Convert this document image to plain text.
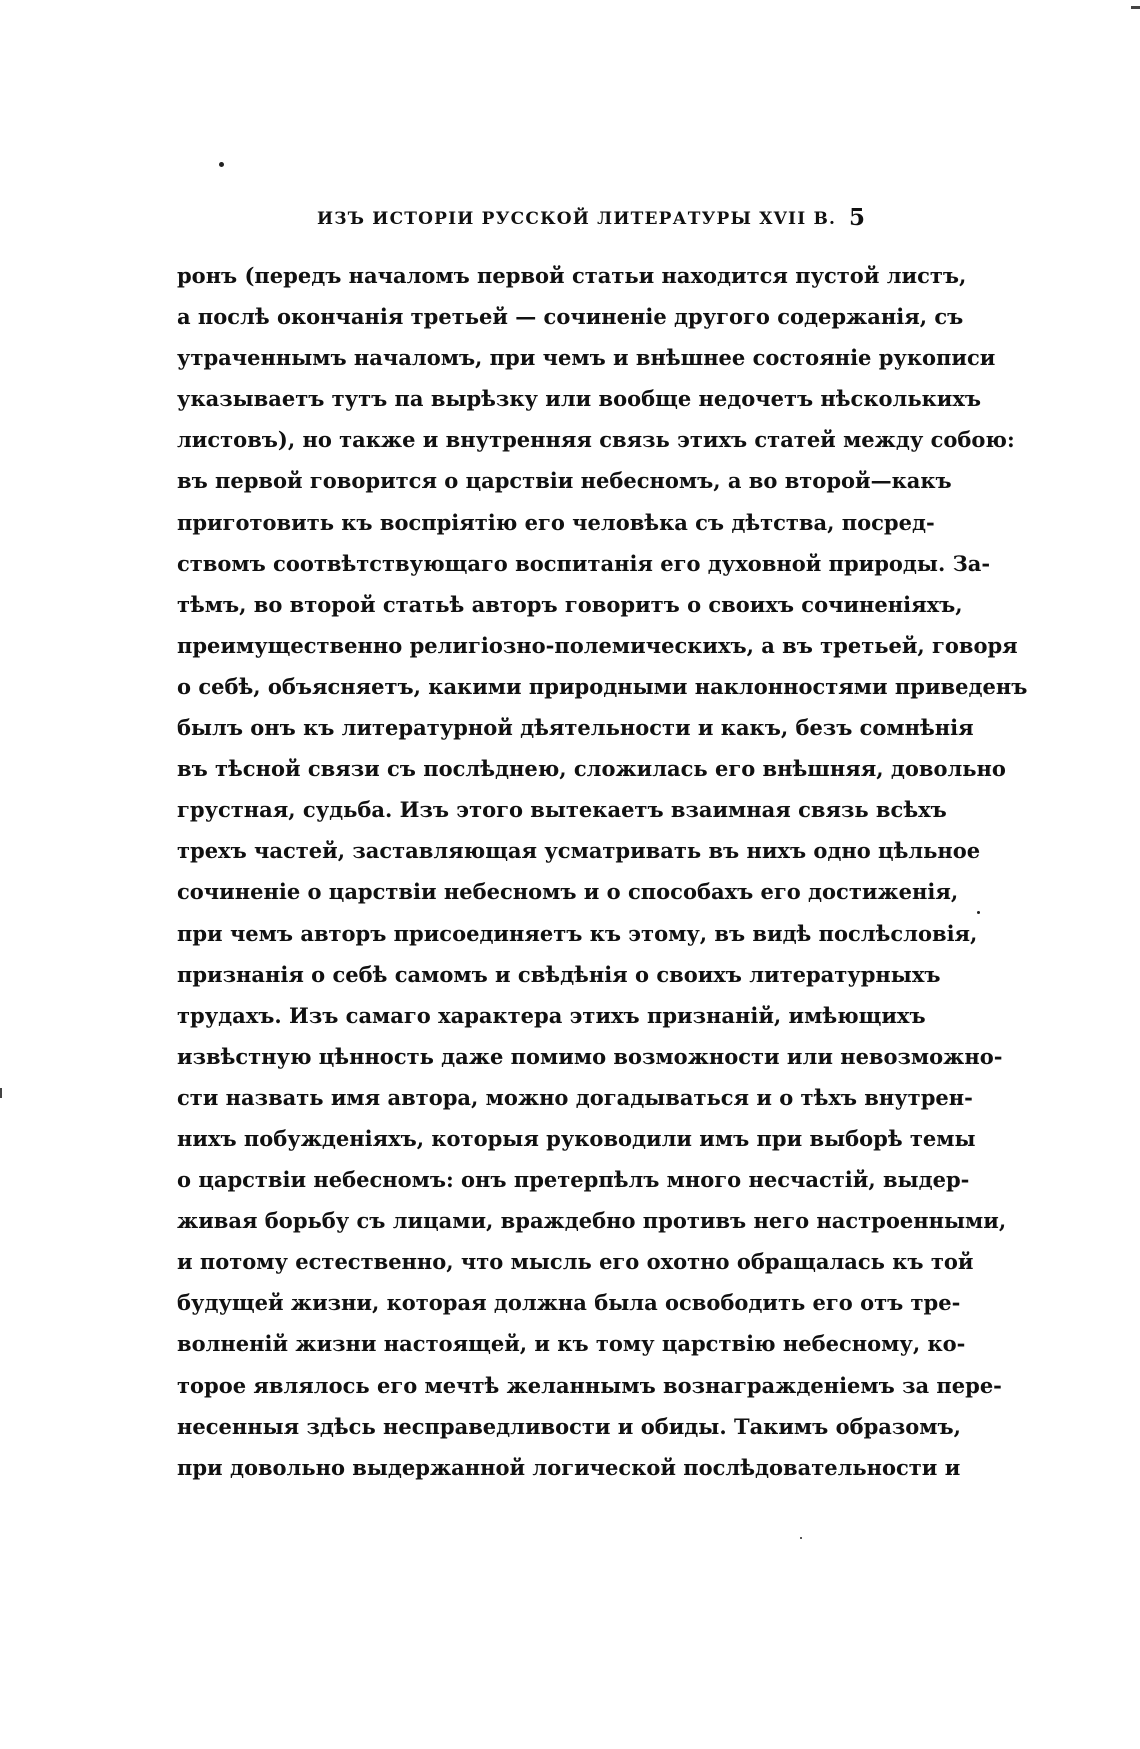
ИЗЪ ИСТОРІИ РУССКОЙ ЛИТЕРАТУРЫ XVII В. 5
ронъ (передъ началомъ первой статьи находится пустой листъ,
а послѣ окончанія третьей — сочиненіе другого содержанія, съ
утраченнымъ началомъ, при чемъ и внѣшнее состояніе рукописи
указываетъ тутъ па вырѣзку или вообще недочетъ нѣсколькихъ
листовъ), но также и внутренняя связь этихъ статей между собою:
въ первой говорится о царствіи небесномъ, а во второй—какъ
приготовить къ воспріятію его человѣка съ дѣтства, посред-
ствомъ соотвѣтствующаго воспитанія его духовной природы. За-
тѣмъ, во второй статьѣ авторъ говоритъ о своихъ сочиненіяхъ,
преимущественно религіозно-полемическихъ, а въ третьей, говоря
о себѣ, объясняетъ, какими природными наклонностями приведенъ
былъ онъ къ литературной дѣятельности и какъ, безъ сомнѣнія
въ тѣсной связи съ послѣднею, сложилась его внѣшняя, довольно
грустная, судьба. Изъ этого вытекаетъ взаимная связь всѣхъ
трехъ частей, заставляющая усматривать въ нихъ одно цѣльное
сочиненіе о царствіи небесномъ и о способахъ его достиженія,
при чемъ авторъ присоединяетъ къ этому, въ видѣ послѣсловія,
признанія о себѣ самомъ и свѣдѣнія о своихъ литературныхъ
трудахъ. Изъ самаго характера этихъ признаній, имѣющихъ
извѣстную цѣнность даже помимо возможности или невозможно-
сти назвать имя автора, можно догадываться и о тѣхъ внутрен-
нихъ побужденіяхъ, которыя руководили имъ при выборѣ темы
о царствіи небесномъ: онъ претерпѣлъ много несчастій, выдер-
живая борьбу съ лицами, враждебно противъ него настроенными,
и потому естественно, что мысль его охотно обращалась къ той
будущей жизни, которая должна была освободить его отъ тре-
волненій жизни настоящей, и къ тому царствію небесному, ко-
торое являлось его мечтѣ желаннымъ вознагражденіемъ за пере-
несенныя здѣсь несправедливости и обиды. Такимъ образомъ,
при довольно выдержанной логической послѣдовательности и
